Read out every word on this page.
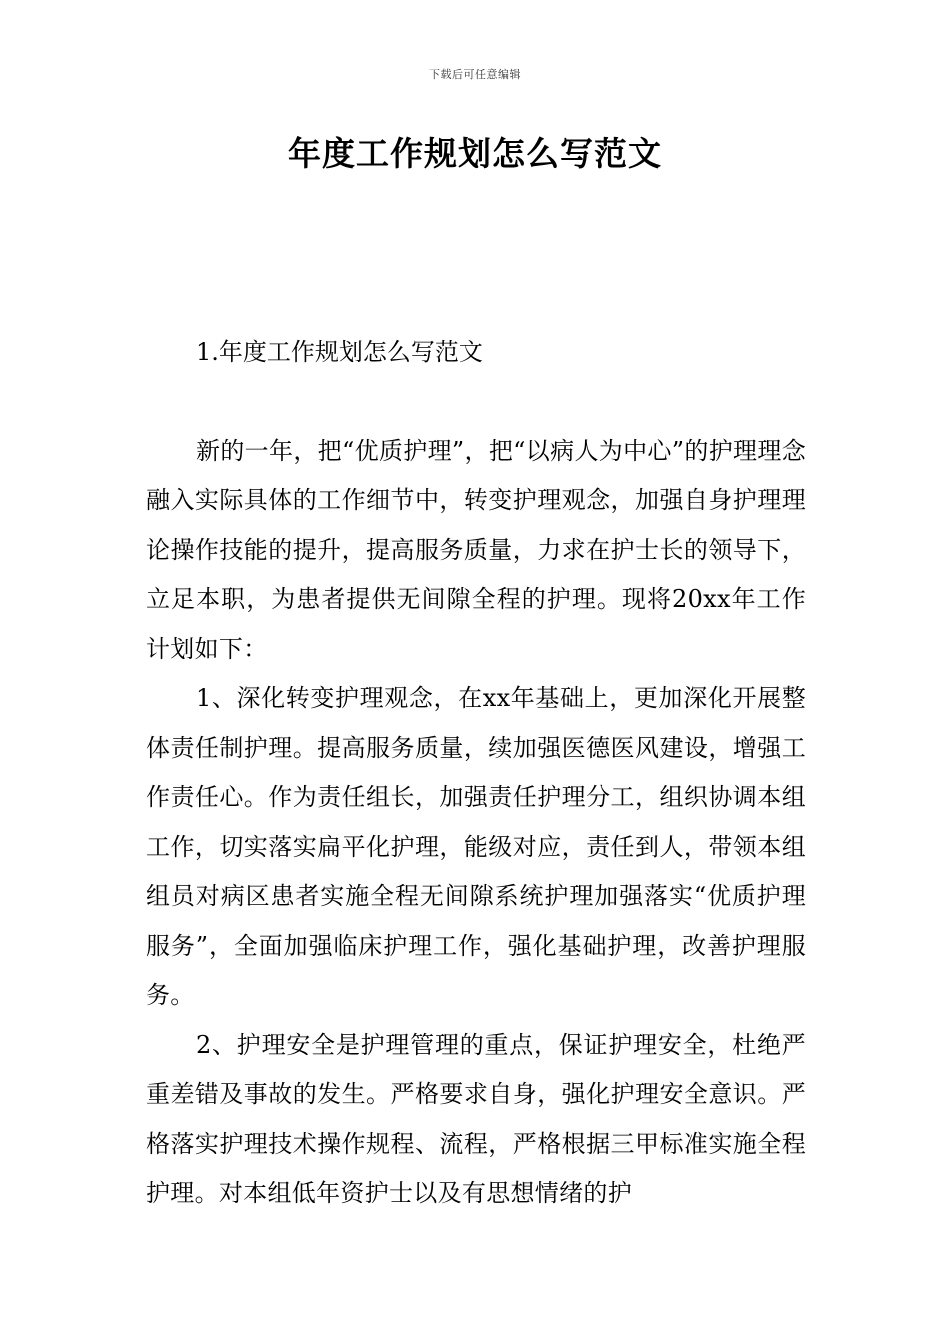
下载后可任意编辑
年度工作规划怎么写范文

1.年度工作规划怎么写范文

新的一年，把“优质护理”，把“以病人为中心”的护理理念融入实际具体的工作细节中，转变护理观念，加强自身护理理论操作技能的提升，提高服务质量，力求在护士长的领导下，立足本职，为患者提供无间隙全程的护理。现将20xx年工作计划如下：

1、深化转变护理观念，在xx年基础上，更加深化开展整体责任制护理。提高服务质量，续加强医德医风建设，增强工作责任心。作为责任组长，加强责任护理分工，组织协调本组工作，切实落实扁平化护理，能级对应，责任到人，带领本组组员对病区患者实施全程无间隙系统护理加强落实“优质护理服务”，全面加强临床护理工作，强化基础护理，改善护理服务。

2、护理安全是护理管理的重点，保证护理安全，杜绝严重差错及事故的发生。严格要求自身，强化护理安全意识。严格落实护理技术操作规程、流程，严格根据三甲标准实施全程护理。对本组低年资护士以及有思想情绪的护
